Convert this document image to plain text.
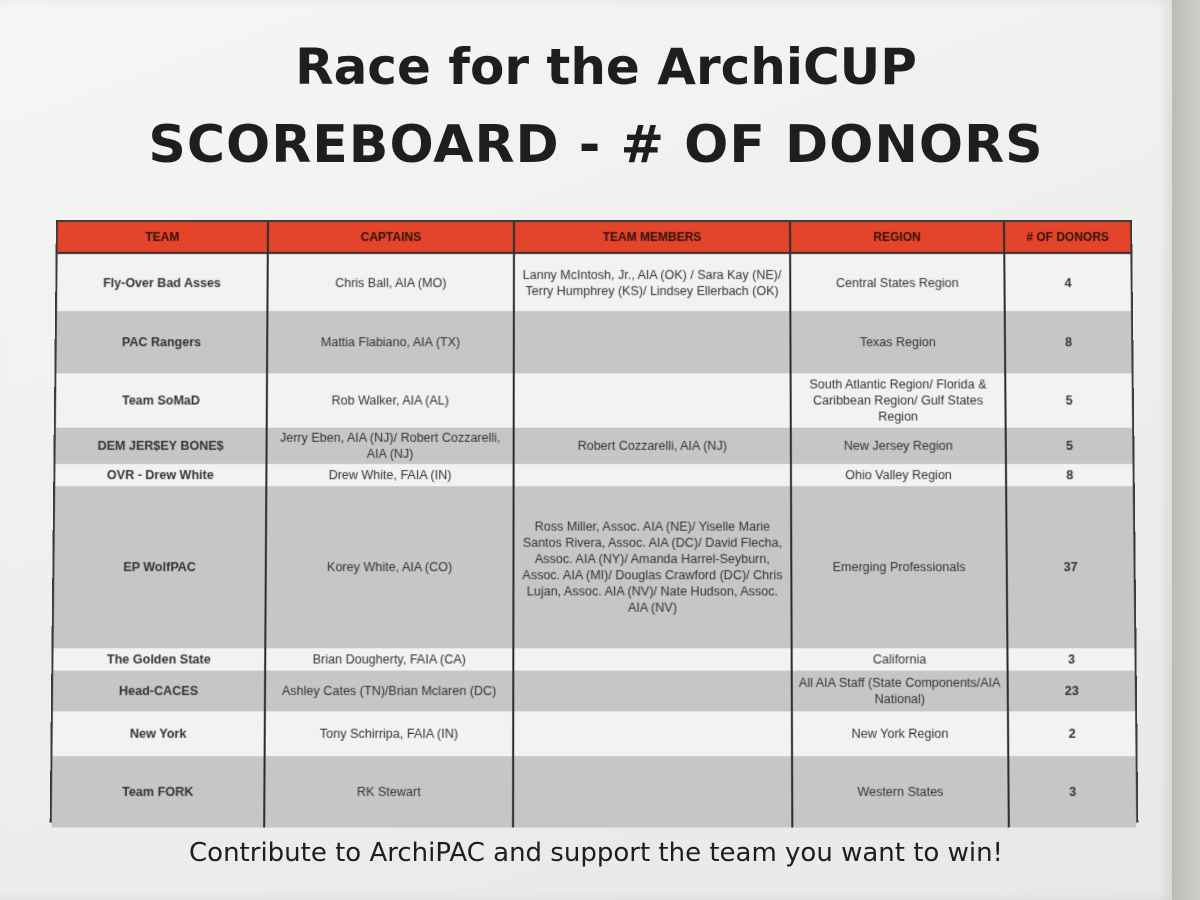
Race for the ArchiCUP
SCOREBOARD - # OF DONORS
TEAM	CAPTAINS	TEAM MEMBERS	REGION	# OF DONORS
Fly-Over Bad Asses	Chris Ball, AIA (MO)	Lanny McIntosh, Jr., AIA (OK) / Sara Kay (NE)/ Terry Humphrey (KS)/ Lindsey Ellerbach (OK)	Central States Region	4
PAC Rangers	Mattia Flabiano, AIA (TX)		Texas Region	8
Team SoMaD	Rob Walker, AIA (AL)		South Atlantic Region/ Florida & Caribbean Region/ Gulf States Region	5
DEM JER$EY BONE$	Jerry Eben, AIA (NJ)/ Robert Cozzarelli, AIA (NJ)	Robert Cozzarelli, AIA (NJ)	New Jersey Region	5
OVR - Drew White	Drew White, FAIA (IN)		Ohio Valley Region	8
EP WolfPAC	Korey White, AIA (CO)	Ross Miller, Assoc. AIA (NE)/ Yiselle Marie Santos Rivera, Assoc. AIA (DC)/ David Flecha, Assoc. AIA (NY)/ Amanda Harrel-Seyburn, Assoc. AIA (MI)/ Douglas Crawford (DC)/ Chris Lujan, Assoc. AIA (NV)/ Nate Hudson, Assoc. AIA (NV)	Emerging Professionals	37
The Golden State	Brian Dougherty, FAIA (CA)		California	3
Head-CACES	Ashley Cates (TN)/Brian Mclaren (DC)		All AIA Staff (State Components/AIA National)	23
New York	Tony Schirripa, FAIA (IN)		New York Region	2
Team FORK	RK Stewart		Western States	3
Contribute to ArchiPAC and support the team you want to win!
